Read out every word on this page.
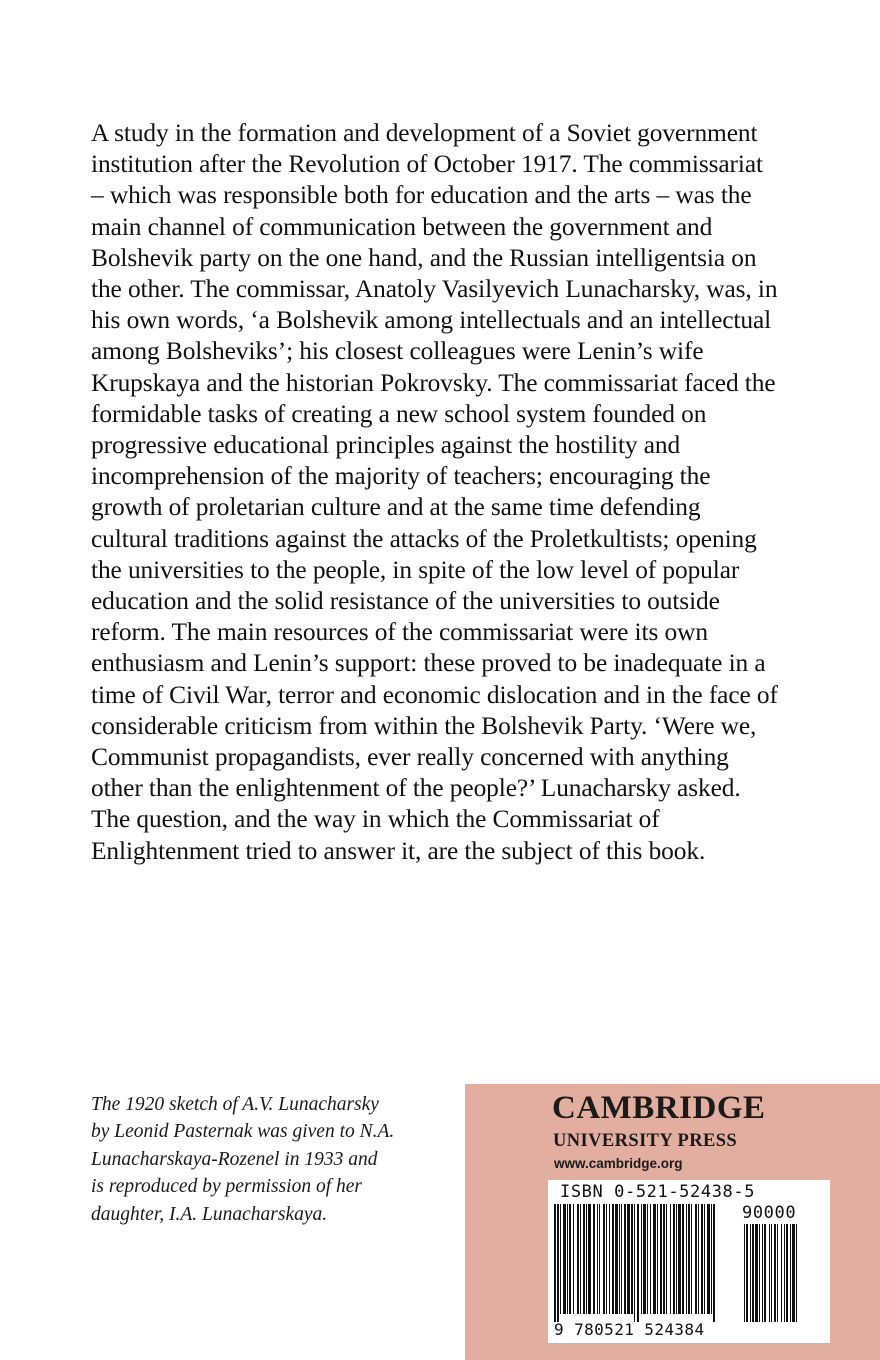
A study in the formation and development of a Soviet government
institution after the Revolution of October 1917. The commissariat
– which was responsible both for education and the arts – was the
main channel of communication between the government and
Bolshevik party on the one hand, and the Russian intelligentsia on
the other. The commissar, Anatoly Vasilyevich Lunacharsky, was, in
his own words, ‘a Bolshevik among intellectuals and an intellectual
among Bolsheviks’; his closest colleagues were Lenin’s wife
Krupskaya and the historian Pokrovsky. The commissariat faced the
formidable tasks of creating a new school system founded on
progressive educational principles against the hostility and
incomprehension of the majority of teachers; encouraging the
growth of proletarian culture and at the same time defending
cultural traditions against the attacks of the Proletkultists; opening
the universities to the people, in spite of the low level of popular
education and the solid resistance of the universities to outside
reform. The main resources of the commissariat were its own
enthusiasm and Lenin’s support: these proved to be inadequate in a
time of Civil War, terror and economic dislocation and in the face of
considerable criticism from within the Bolshevik Party. ‘Were we,
Communist propagandists, ever really concerned with anything
other than the enlightenment of the people?’ Lunacharsky asked.
The question, and the way in which the Commissariat of
Enlightenment tried to answer it, are the subject of this book.
The 1920 sketch of A.V. Lunacharsky
by Leonid Pasternak was given to N.A.
Lunacharskaya-Rozenel in 1933 and
is reproduced by permission of her
daughter, I.A. Lunacharskaya.
CAMBRIDGE
UNIVERSITY PRESS
www.cambridge.org
ISBN 0-521-52438-5
90000
9 780521 524384
